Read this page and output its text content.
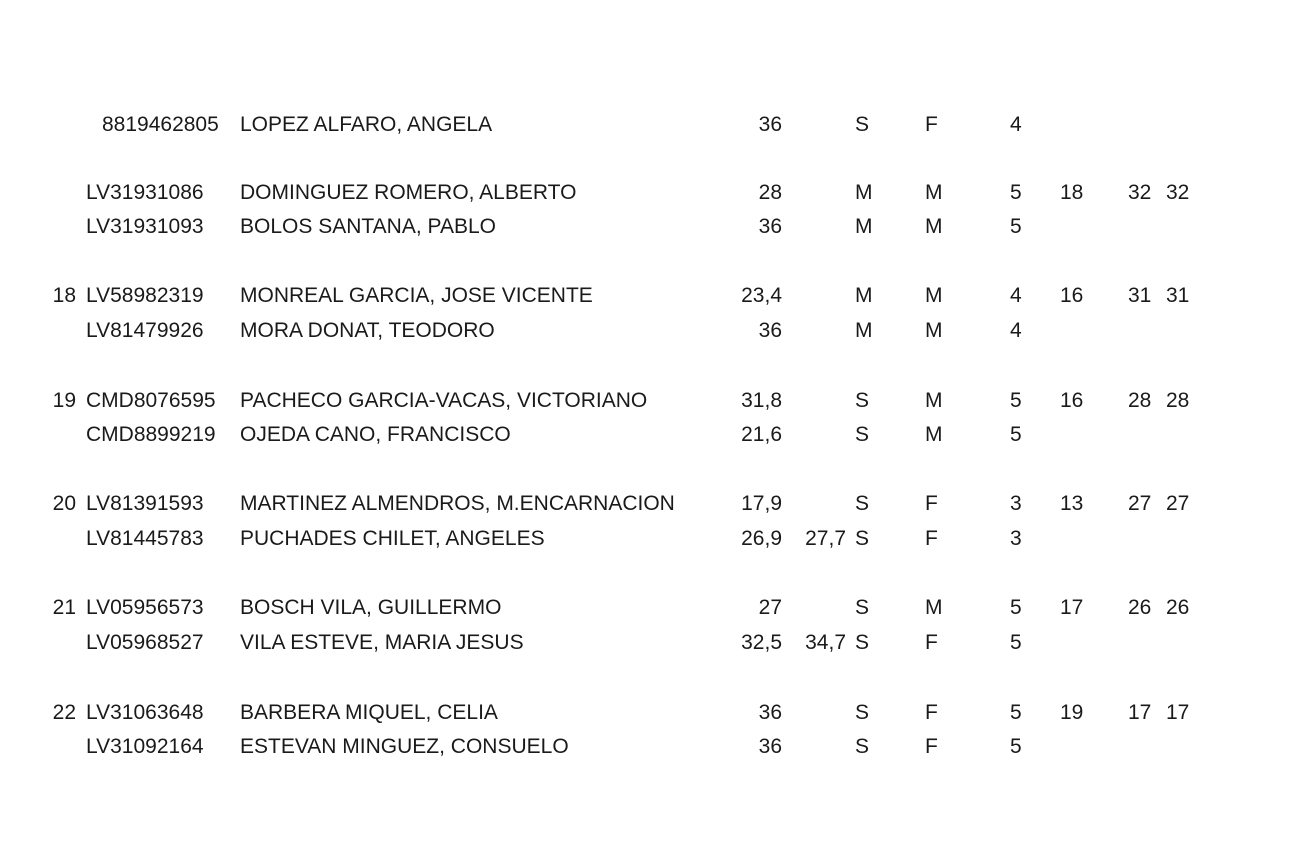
8819462805 LOPEZ ALFARO, ANGELA	36	S	F	4
LV31931086 DOMINGUEZ ROMERO, ALBERTO	28	M	M	5 18 32 32
LV31931093 BOLOS SANTANA, PABLO	36	M	M	5
18 LV58982319 MONREAL GARCIA, JOSE VICENTE	23,4	M	M	4 16 31 31
LV81479926 MORA DONAT, TEODORO	36	M	M	4
19 CMD8076595 PACHECO GARCIA-VACAS, VICTORIANO	31,8	S	M	5 16 28 28
CMD8899219 OJEDA CANO, FRANCISCO	21,6	S	M	5
20 LV81391593 MARTINEZ ALMENDROS, M.ENCARNACION	17,9	S	F	3 13 27 27
LV81445783 PUCHADES CHILET, ANGELES	26,9	27,7 S	F	3
21 LV05956573 BOSCH VILA, GUILLERMO	27	S	M	5 17 26 26
LV05968527 VILA ESTEVE, MARIA JESUS	32,5	34,7 S	F	5
22 LV31063648 BARBERA MIQUEL, CELIA	36	S	F	5 19 17 17
LV31092164 ESTEVAN MINGUEZ, CONSUELO	36	S	F	5
